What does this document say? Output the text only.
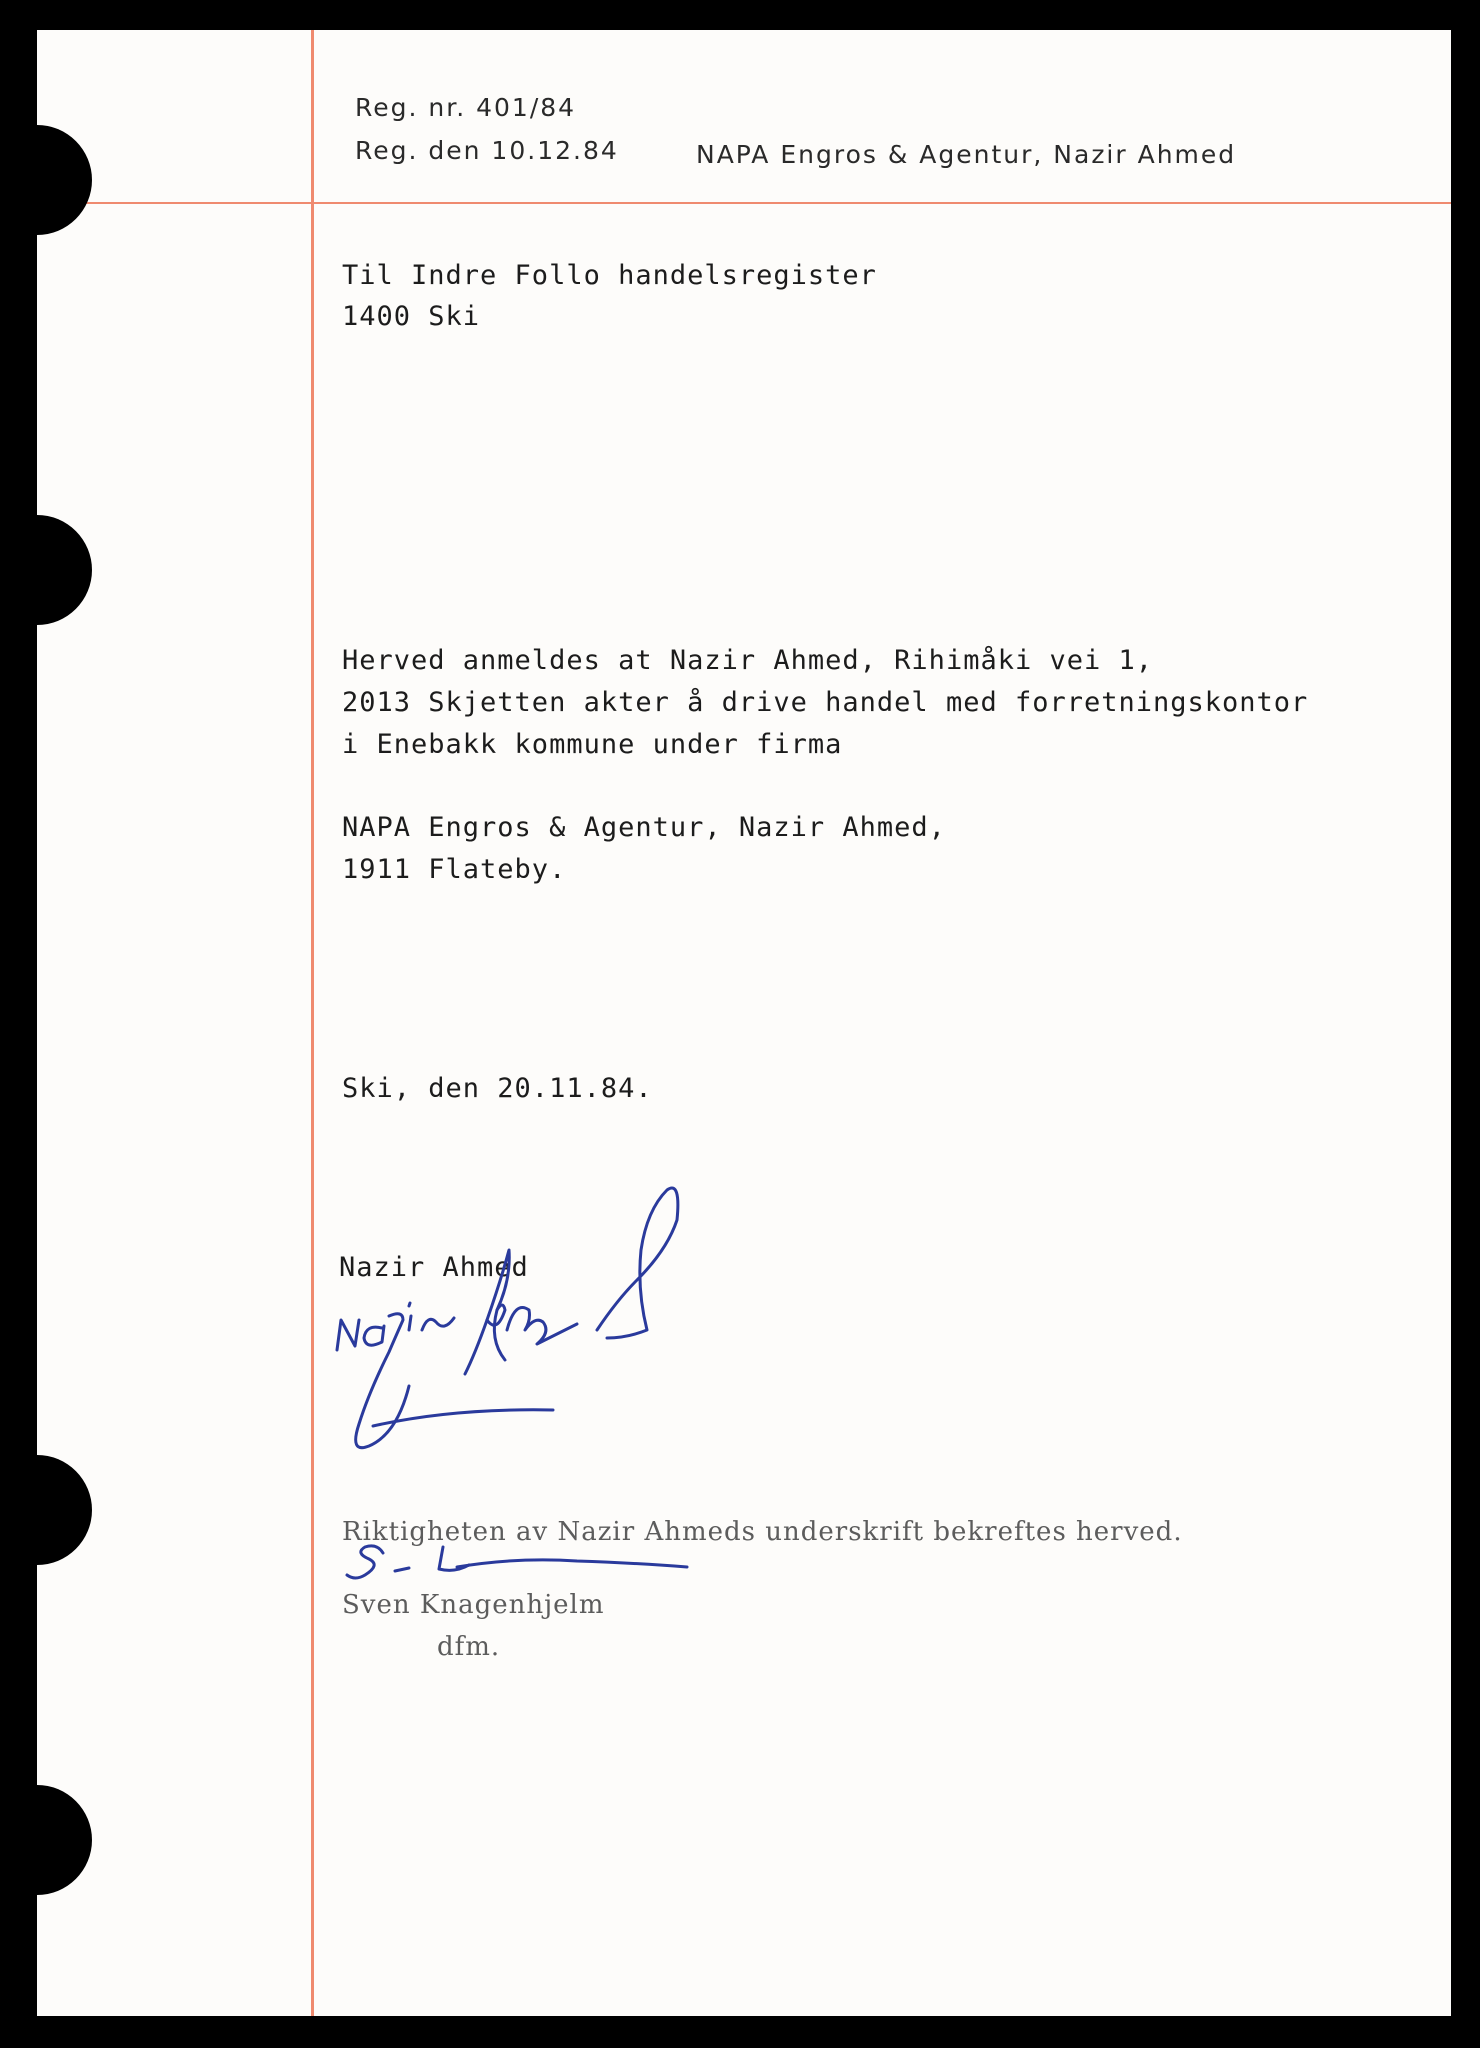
Reg. nr. 401/84

Reg. den 10.12.84	NAPA Engros & Agentur, Nazir Ahmed

Til Indre Follo handelsregister

1400 Ski

Herved anmeldes at Nazir Ahmed, Rihimåki vei 1,

2013 Skjetten akter å drive handel med forretningskontor

i Enebakk kommune under firma

NAPA Engros & Agentur, Nazir Ahmed,

1911 Flateby.

Ski, den 20.11.84.

Nazir Ahmed

Riktigheten av Nazir Ahmeds underskrift bekreftes herved.

Sven Knagenhjelm

dfm.
